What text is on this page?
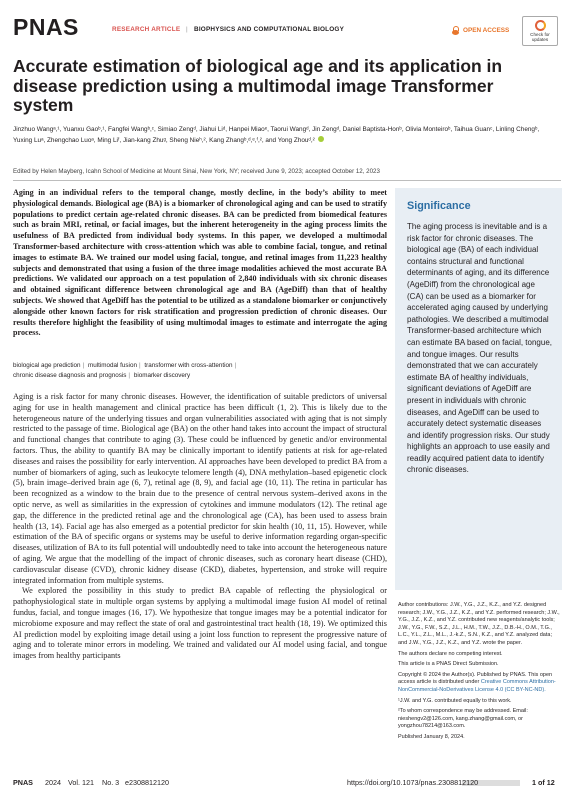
PNAS	RESEARCH ARTICLE | BIOPHYSICS AND COMPUTATIONAL BIOLOGY	OPEN ACCESS
Check for updates
Accurate estimation of biological age and its application in disease prediction using a multimodal image Transformer system
Jinzhuo Wangᵃ,¹, Yuanxu Gaoᵇ,¹, Fangfei Wangᵇ,ᶜ, Simiao Zengᵈ, Jiahui Liᵈ, Hanpei Miaoᵉ, Taorui Wangᵈ, Jin Zengᵈ, Daniel Baptista-Honᵇ, Olivia Monteiroᵇ, Taihua Guanᶜ, Linling Chengᵇ, Yuxing Luᵃ, Zhengchao Luoᵃ, Ming Liᶠ, Jian-kang Zhuᵍ, Sheng Nieʰ,², Kang Zhangᵇ,ᵈ,ᵉ,ᶠ,², and Yong Zhouᵈ,²
Edited by Helen Mayberg, Icahn School of Medicine at Mount Sinai, New York, NY; received June 9, 2023; accepted October 12, 2023
Aging in an individual refers to the temporal change, mostly decline, in the body’s ability to meet physiological demands. Biological age (BA) is a biomarker of chronological aging and can be used to stratify populations to predict certain age-related chronic diseases. BA can be predicted from biomedical features such as brain MRI, retinal, or facial images, but the inherent heterogeneity in the aging process limits the usefulness of BA predicted from individual body systems. In this paper, we developed a multimodal Transformer-based architecture with cross-attention which was able to combine facial, tongue, and retinal images to estimate BA. We trained our model using facial, tongue, and retinal images from 11,223 healthy subjects and demonstrated that using a fusion of the three image modalities achieved the most accurate BA predictions. We validated our approach on a test population of 2,840 individuals with six chronic diseases and obtained significant difference between chronological age and BA (AgeDiff) than that of healthy subjects. We showed that AgeDiff has the potential to be utilized as a standalone biomarker or conjunctively alongside other known factors for risk stratification and progression prediction of chronic diseases. Our results therefore highlight the feasibility of using multimodal images to estimate and interrogate the aging process.
biological age prediction | multimodal fusion | transformer with cross-attention |
chronic disease diagnosis and prognosis | biomarker discovery

Aging is a risk factor for many chronic diseases. However, the identification of suitable predictors of universal aging for use in health management and clinical practice has been difficult (1, 2). This is likely due to the heterogeneous nature of the underlying tissues and organ vulnerabilities associated with aging that is not simply restricted to the passage of time. Biological age (BA) on the other hand takes into account the impact of structural and functional changes that contribute to aging (3). These could be influenced by genetic and/or environmental factors. Thus, the ability to quantify BA may be clinically important to identify patients at risk for age-related diseases and raises the possibility for early intervention. AI approaches have been developed to predict BA from a number of biomarkers of aging, such as leukocyte telomere length (4), DNA methylation–based epigenetic clock (5), brain image–derived brain age (6, 7), retinal age (8, 9), and facial age (10, 11). The retina in particular has been recognized as a window to the brain due to the presence of central nervous system–derived axons in the optic nerve, as well as similarities in the expression of cytokines and immune modulators (12). The retinal age gap, the difference in the predicted retinal age and the chronological age (CA), has been used to assess brain health (13, 14). Facial age has also emerged as a potential predictor for skin health (10, 11, 15). However, while estimation of the BA of specific organs or systems may be useful to derive information regarding organ-specific diseases, utilization of BA to its full potential will undoubtedly need to take into account the heterogeneous nature of aging. We argue that the modelling of the impact of chronic diseases, such as coronary heart disease (CHD), cardiovascular disease (CVD), chronic kidney disease (CKD), diabetes, hypertension, and stroke will require integrated information from multiple systems.

We explored the possibility in this study to predict BA capable of reflecting the physiological or pathophysiological state in multiple organ systems by applying a multimodal image fusion AI model of retinal fundus, facial, and tongue images (16, 17). We hypothesize that tongue images may be a potential indicator for microbiome exposure and may reflect the state of oral and gastrointestinal tract health (18, 19). We optimized this AI prediction model by exploiting image detail using a joint loss function to represent the progressive nature of aging and to tolerate minor errors in modeling. We trained and validated our AI model using facial, and tongue images from healthy participants

Significance
The aging process is inevitable and is a risk factor for chronic diseases. The biological age (BA) of each individual contains structural and functional determinants of aging, and its difference (AgeDiff) from the chronological age (CA) can be used as a biomarker for accelerated aging caused by underlying pathologies. We described a multimodal Transformer-based architecture which can estimate BA based on facial, tongue, and tongue images. Our results demonstrated that we can accurately estimate BA of healthy individuals, significant deviations of AgeDiff are present in individuals with chronic diseases, and AgeDiff can be used to accurately detect systematic diseases and identify progression risks. Our study highlights an approach to use easily and readily acquired patient data to identify chronic diseases.

Author contributions: J.W., Y.G., J.Z., K.Z., and Y.Z. designed research; J.W., Y.G., J.Z., K.Z., and Y.Z. performed research; J.W., Y.G., J.Z., K.Z., and Y.Z. contributed new reagents/analytic tools; J.W., Y.G., F.W., S.Z., J.L., H.M., T.W., J.Z., D.B.-H., O.M., T.G., L.C., Y.L., Z.L., M.L., J.-k.Z., S.N., K.Z., and Y.Z. analyzed data; and J.W., Y.G., J.Z., K.Z., and Y.Z. wrote the paper.

The authors declare no competing interest.

This article is a PNAS Direct Submission.

Copyright © 2024 the Author(s). Published by PNAS. This open access article is distributed under Creative Commons Attribution-NonCommercial-NoDerivatives License 4.0 (CC BY-NC-ND).

¹J.W. and Y.G. contributed equally to this work.

²To whom correspondence may be addressed. Email: nieshengv2@126.com, kang.zhang@gmail.com, or yongzhou78214@163.com.

Published January 8, 2024.

PNAS 2024 Vol. 121 No. 3 e2308812120	https://doi.org/10.1073/pnas.2308812120	1 of 12
